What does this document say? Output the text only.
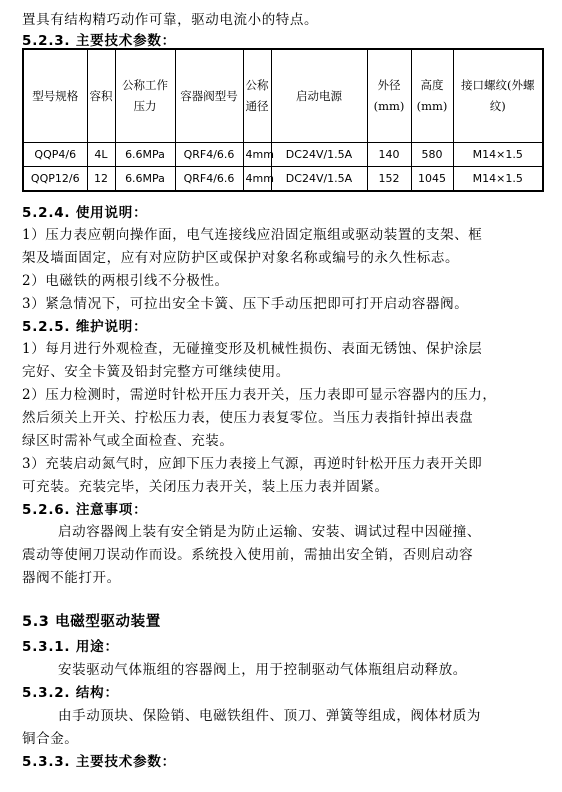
置具有结构精巧动作可靠，驱动电流小的特点。
5.2.3. 主要技术参数：
型号规格	容积	公称工作压力	容器阀型号	公称通径	启动电源	外径(mm)	高度(mm)	接口螺纹(外螺纹)
QQP4/6	4L	6.6MPa	QRF4/6.6	4mm	DC24V/1.5A	140	580	M14×1.5
QQP12/6	12	6.6MPa	QRF4/6.6	4mm	DC24V/1.5A	152	1045	M14×1.5
5.2.4. 使用说明：
1）压力表应朝向操作面，电气连接线应沿固定瓶组或驱动装置的支架、框
架及墙面固定，应有对应防护区或保护对象名称或编号的永久性标志。
2）电磁铁的两根引线不分极性。
3）紧急情况下，可拉出安全卡簧、压下手动压把即可打开启动容器阀。
5.2.5. 维护说明：
1）每月进行外观检查，无碰撞变形及机械性损伤、表面无锈蚀、保护涂层
完好、安全卡簧及铅封完整方可继续使用。
2）压力检测时，需逆时针松开压力表开关，压力表即可显示容器内的压力，
然后须关上开关、拧松压力表，使压力表复零位。当压力表指针掉出表盘
绿区时需补气或全面检查、充装。
3）充装启动氮气时，应卸下压力表接上气源，再逆时针松开压力表开关即
可充装。充装完毕，关闭压力表开关，装上压力表并固紧。
5.2.6. 注意事项：
启动容器阀上装有安全销是为防止运输、安装、调试过程中因碰撞、
震动等使闸刀误动作而设。系统投入使用前，需抽出安全销，否则启动容
器阀不能打开。
5.3 电磁型驱动装置
5.3.1. 用途：
安装驱动气体瓶组的容器阀上，用于控制驱动气体瓶组启动释放。
5.3.2. 结构：
由手动顶块、保险销、电磁铁组件、顶刀、弹簧等组成，阀体材质为
铜合金。
5.3.3. 主要技术参数：
